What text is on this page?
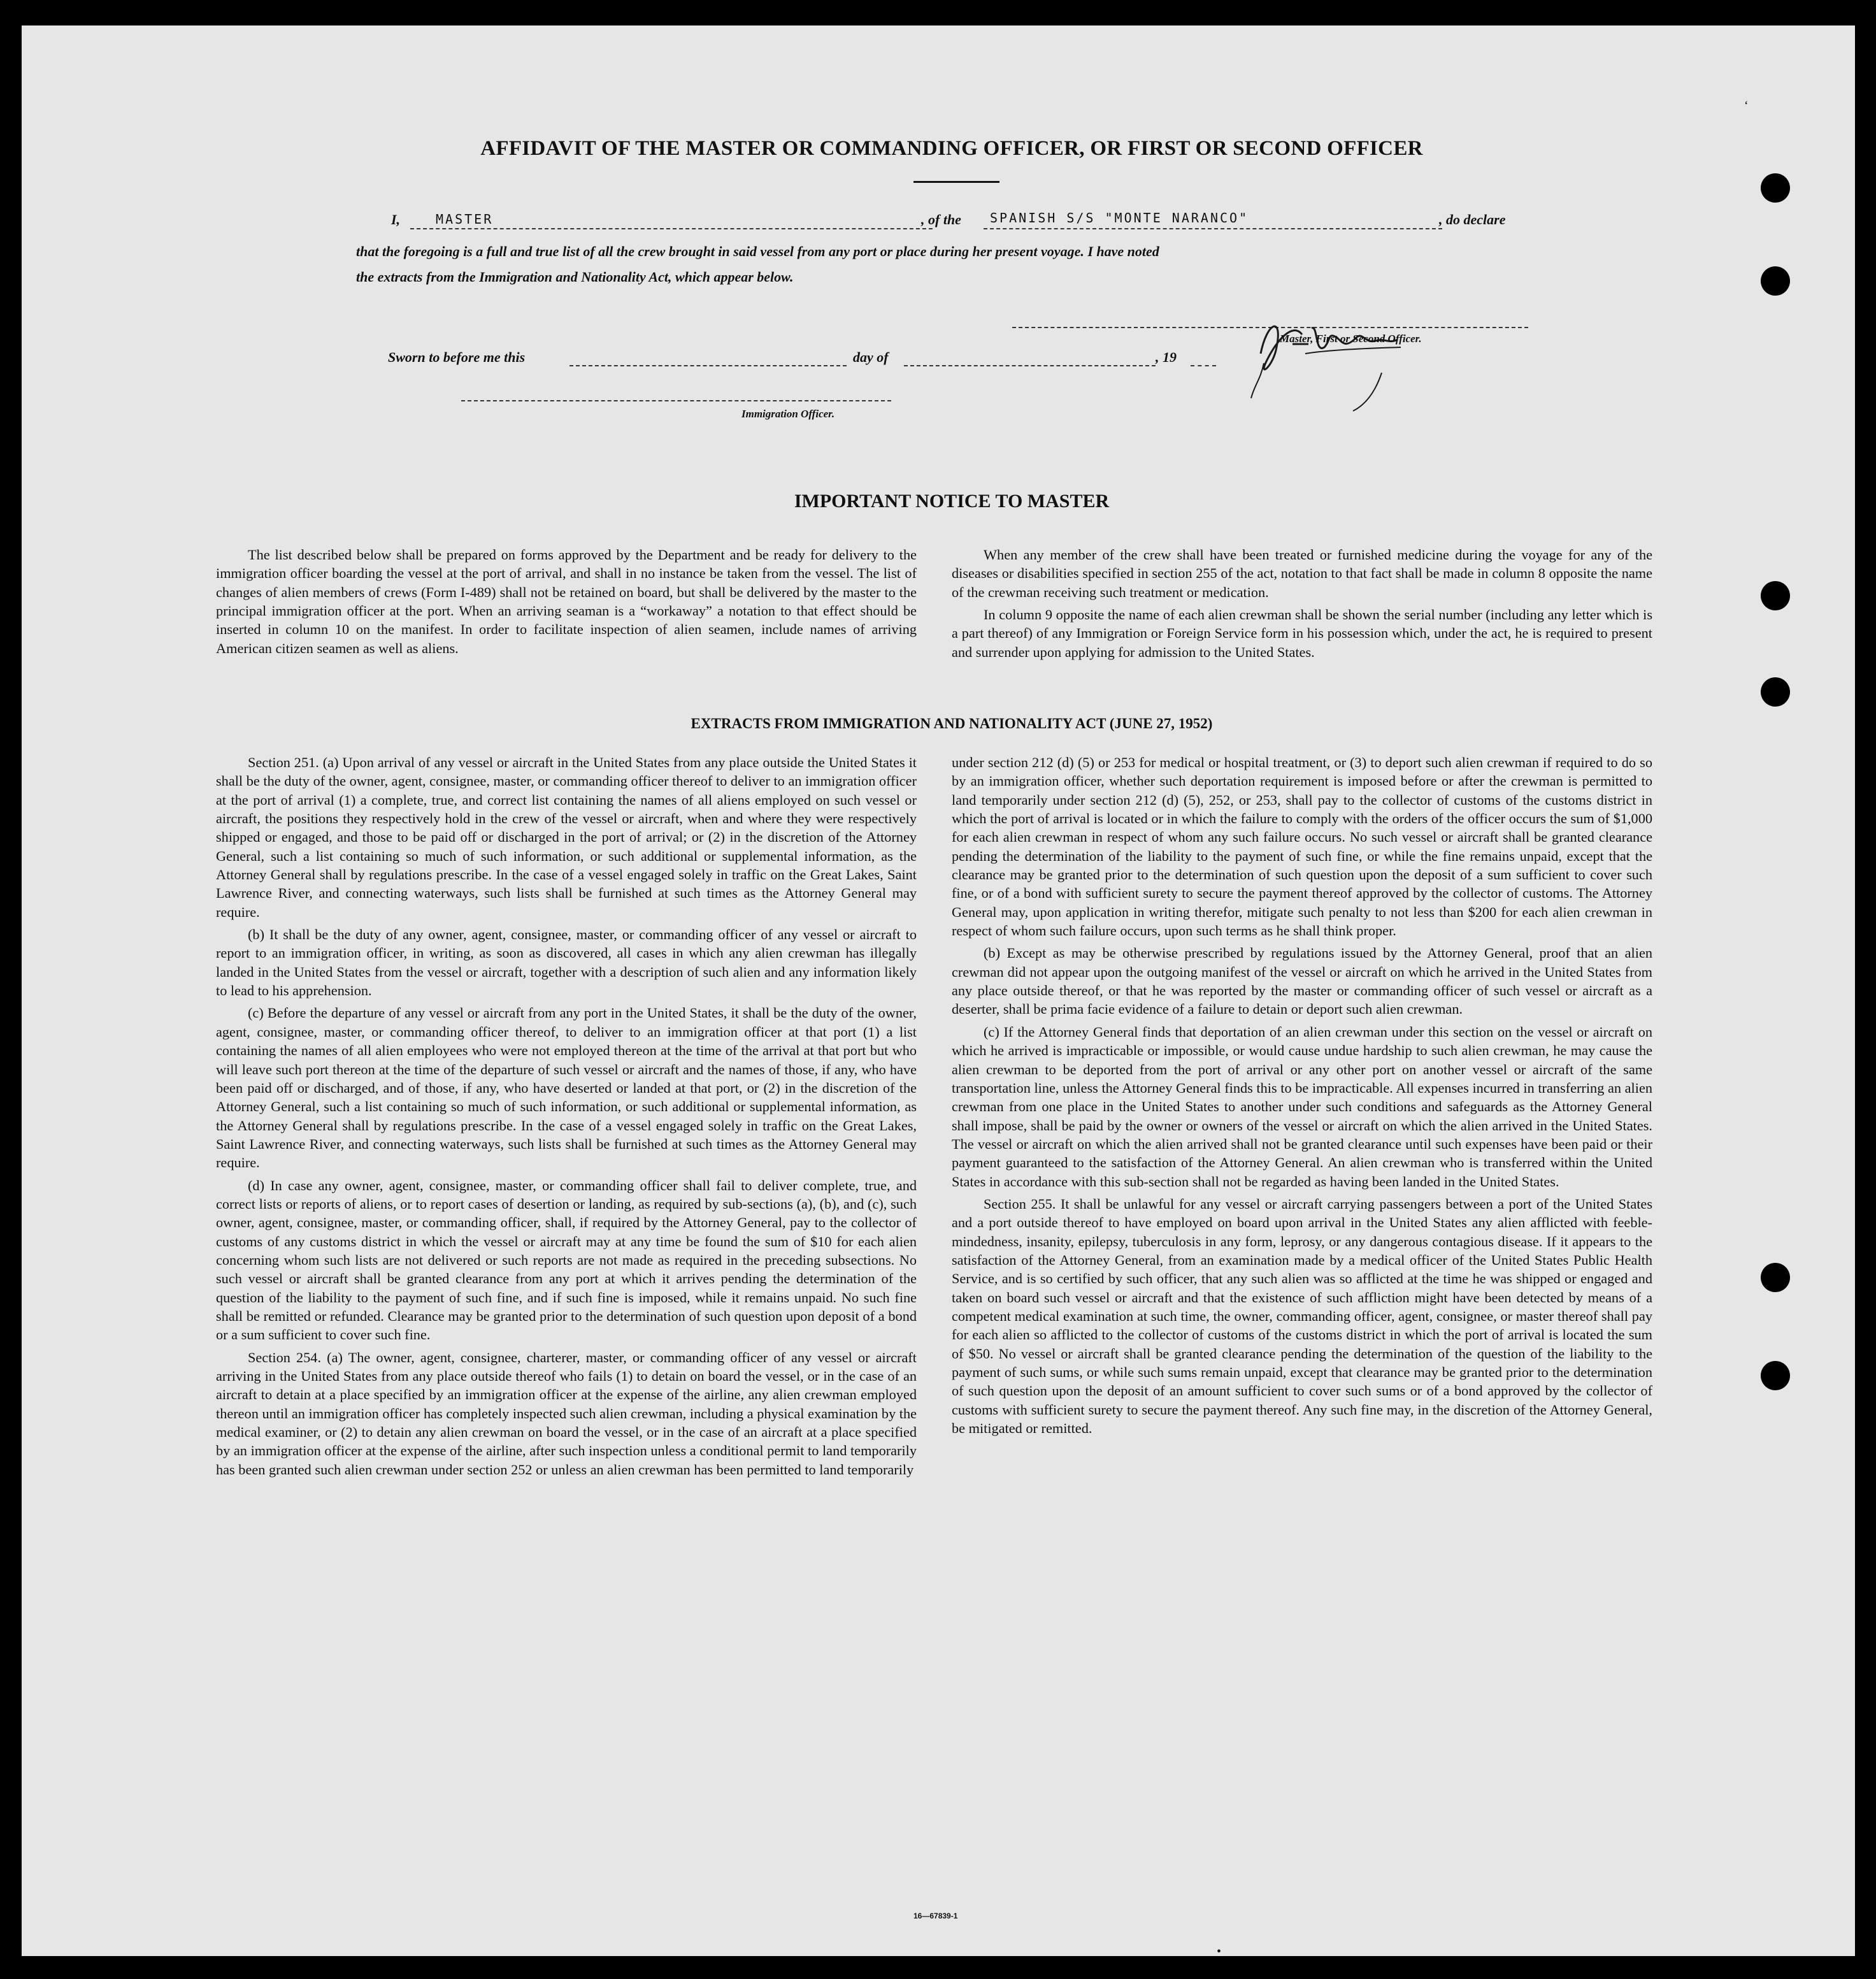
AFFIDAVIT OF THE MASTER OR COMMANDING OFFICER, OR FIRST OR SECOND OFFICER
I,	MASTER	, of the SPANISH S/S "MONTE NARANCO"	, do declare
that the foregoing is a full and true list of all the crew brought in said vessel from any port or place during her present voyage. I have noted
the extracts from the Immigration and Nationality Act, which appear below.
Master, First or Second Officer.
Sworn to before me this	day of	, 19
Immigration Officer.
IMPORTANT NOTICE TO MASTER

The list described below shall be prepared on forms approved by the Department and be ready for delivery to the immigration officer boarding the vessel at the port of arrival, and shall in no instance be taken from the vessel. The list of changes of alien members of crews (Form I-489) shall not be retained on board, but shall be delivered by the master to the principal immigration officer at the port. When an arriving seaman is a “workaway” a notation to that effect should be inserted in column 10 on the manifest. In order to facilitate inspection of alien seamen, include names of arriving American citizen seamen as well as aliens.

When any member of the crew shall have been treated or furnished medicine during the voyage for any of the diseases or disabilities specified in section 255 of the act, notation to that fact shall be made in column 8 opposite the name of the crewman receiving such treatment or medication.

In column 9 opposite the name of each alien crewman shall be shown the serial number (including any letter which is a part thereof) of any Immigration or Foreign Service form in his possession which, under the act, he is required to present and surrender upon applying for admission to the United States.

EXTRACTS FROM IMMIGRATION AND NATIONALITY ACT (JUNE 27, 1952)

Section 251. (a) Upon arrival of any vessel or aircraft in the United States from any place outside the United States it shall be the duty of the owner, agent, consignee, master, or commanding officer thereof to deliver to an immigration officer at the port of arrival (1) a complete, true, and correct list containing the names of all aliens employed on such vessel or aircraft, the positions they respectively hold in the crew of the vessel or aircraft, when and where they were respectively shipped or engaged, and those to be paid off or discharged in the port of arrival; or (2) in the discretion of the Attorney General, such a list containing so much of such information, or such additional or supplemental information, as the Attorney General shall by regulations prescribe. In the case of a vessel engaged solely in traffic on the Great Lakes, Saint Lawrence River, and connecting waterways, such lists shall be furnished at such times as the Attorney General may require.

(b) It shall be the duty of any owner, agent, consignee, master, or commanding officer of any vessel or aircraft to report to an immigration officer, in writing, as soon as discovered, all cases in which any alien crewman has illegally landed in the United States from the vessel or aircraft, together with a description of such alien and any information likely to lead to his apprehension.

(c) Before the departure of any vessel or aircraft from any port in the United States, it shall be the duty of the owner, agent, consignee, master, or commanding officer thereof, to deliver to an immigration officer at that port (1) a list containing the names of all alien employees who were not employed thereon at the time of the arrival at that port but who will leave such port thereon at the time of the departure of such vessel or aircraft and the names of those, if any, who have been paid off or discharged, and of those, if any, who have deserted or landed at that port, or (2) in the discretion of the Attorney General, such a list containing so much of such information, or such additional or supplemental information, as the Attorney General shall by regulations prescribe. In the case of a vessel engaged solely in traffic on the Great Lakes, Saint Lawrence River, and connecting waterways, such lists shall be furnished at such times as the Attorney General may require.

(d) In case any owner, agent, consignee, master, or commanding officer shall fail to deliver complete, true, and correct lists or reports of aliens, or to report cases of desertion or landing, as required by sub-sections (a), (b), and (c), such owner, agent, consignee, master, or commanding officer, shall, if required by the Attorney General, pay to the collector of customs of any customs district in which the vessel or aircraft may at any time be found the sum of $10 for each alien concerning whom such lists are not delivered or such reports are not made as required in the preceding subsections. No such vessel or aircraft shall be granted clearance from any port at which it arrives pending the determination of the question of the liability to the payment of such fine, and if such fine is imposed, while it remains unpaid. No such fine shall be remitted or refunded. Clearance may be granted prior to the determination of such question upon deposit of a bond or a sum sufficient to cover such fine.

Section 254. (a) The owner, agent, consignee, charterer, master, or commanding officer of any vessel or aircraft arriving in the United States from any place outside thereof who fails (1) to detain on board the vessel, or in the case of an aircraft to detain at a place specified by an immigration officer at the expense of the airline, any alien crewman employed thereon until an immigration officer has completely inspected such alien crewman, including a physical examination by the medical examiner, or (2) to detain any alien crewman on board the vessel, or in the case of an aircraft at a place specified by an immigration officer at the expense of the airline, after such inspection unless a conditional permit to land temporarily has been granted such alien crewman under section 252 or unless an alien crewman has been permitted to land temporarily

under section 212 (d) (5) or 253 for medical or hospital treatment, or (3) to deport such alien crewman if required to do so by an immigration officer, whether such deportation requirement is imposed before or after the crewman is permitted to land temporarily under section 212 (d) (5), 252, or 253, shall pay to the collector of customs of the customs district in which the port of arrival is located or in which the failure to comply with the orders of the officer occurs the sum of $1,000 for each alien crewman in respect of whom any such failure occurs. No such vessel or aircraft shall be granted clearance pending the determination of the liability to the payment of such fine, or while the fine remains unpaid, except that the clearance may be granted prior to the determination of such question upon the deposit of a sum sufficient to cover such fine, or of a bond with sufficient surety to secure the payment thereof approved by the collector of customs. The Attorney General may, upon application in writing therefor, mitigate such penalty to not less than $200 for each alien crewman in respect of whom such failure occurs, upon such terms as he shall think proper.

(b) Except as may be otherwise prescribed by regulations issued by the Attorney General, proof that an alien crewman did not appear upon the outgoing manifest of the vessel or aircraft on which he arrived in the United States from any place outside thereof, or that he was reported by the master or commanding officer of such vessel or aircraft as a deserter, shall be prima facie evidence of a failure to detain or deport such alien crewman.

(c) If the Attorney General finds that deportation of an alien crewman under this section on the vessel or aircraft on which he arrived is impracticable or impossible, or would cause undue hardship to such alien crewman, he may cause the alien crewman to be deported from the port of arrival or any other port on another vessel or aircraft of the same transportation line, unless the Attorney General finds this to be impracticable. All expenses incurred in transferring an alien crewman from one place in the United States to another under such conditions and safeguards as the Attorney General shall impose, shall be paid by the owner or owners of the vessel or aircraft on which the alien arrived in the United States. The vessel or aircraft on which the alien arrived shall not be granted clearance until such expenses have been paid or their payment guaranteed to the satisfaction of the Attorney General. An alien crewman who is transferred within the United States in accordance with this sub-section shall not be regarded as having been landed in the United States.

Section 255. It shall be unlawful for any vessel or aircraft carrying passengers between a port of the United States and a port outside thereof to have employed on board upon arrival in the United States any alien afflicted with feeble-mindedness, insanity, epilepsy, tuberculosis in any form, leprosy, or any dangerous contagious disease. If it appears to the satisfaction of the Attorney General, from an examination made by a medical officer of the United States Public Health Service, and is so certified by such officer, that any such alien was so afflicted at the time he was shipped or engaged and taken on board such vessel or aircraft and that the existence of such affliction might have been detected by means of a competent medical examination at such time, the owner, commanding officer, agent, consignee, or master thereof shall pay for each alien so afflicted to the collector of customs of the customs district in which the port of arrival is located the sum of $50. No vessel or aircraft shall be granted clearance pending the determination of the question of the liability to the payment of such sums, or while such sums remain unpaid, except that clearance may be granted prior to the determination of such question upon the deposit of an amount sufficient to cover such sums or of a bond approved by the collector of customs with sufficient surety to secure the payment thereof. Any such fine may, in the discretion of the Attorney General, be mitigated or remitted.

16—67839-1
ʻ
•
